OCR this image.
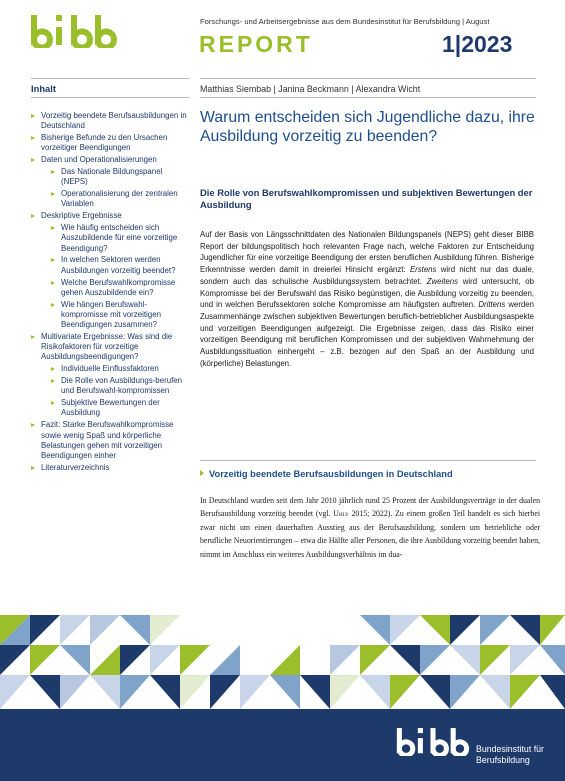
Forschungs- und Arbeitsergebnisse aus dem Bundesinstitut für Berufsbildung | August
REPORT	1|2023
Inhalt
Vorzeitig beendete Berufsausbildungen in Deutschland
Bisherige Befunde zu den Ursachen vorzeitiger Beendigungen
Daten und Operationalisierungen
Das Nationale Bildungspanel (NEPS)
Operationalisierung der zentralen Variablen
Deskriptive Ergebnisse
Wie häufig entscheiden sich Auszubildende für eine vorzeitige Beendigung?
In welchen Sektoren werden Ausbildungen vorzeitig beendet?
Welche Berufswahlkompromisse gehen Auszubildende ein?
Wie hängen Berufswahl-kompromisse mit vorzeitigen Beendigungen zusammen?
Multivariate Ergebnisse: Was sind die Risikofaktoren für vorzeitige Ausbildungsbeendigungen?
Individuelle Einflussfaktoren
Die Rolle von Ausbildungs-berufen und Berufswahl-kompromissen
Subjektive Bewertungen der Ausbildung
Fazit: Starke Berufswahlkompromisse sowie wenig Spaß und körperliche Belastungen gehen mit vorzeitigen Beendigungen einher
Literaturverzeichnis
Matthias Siembab | Janina Beckmann | Alexandra Wicht
Warum entscheiden sich Jugendliche dazu, ihre Ausbildung vorzeitig zu beenden?
Die Rolle von Berufswahlkompromissen und subjektiven Bewertungen der Ausbildung
Auf der Basis von Längsschnittdaten des Nationalen Bildungspanels (NEPS) geht dieser BIBB Report der bildungspolitisch hoch relevanten Frage nach, welche Faktoren zur Entscheidung Jugendlicher für eine vorzeitige Beendigung der ersten beruflichen Ausbildung führen. Bisherige Erkenntnisse werden damit in dreierlei Hinsicht ergänzt: Erstens wird nicht nur das duale, sondern auch das schulische Ausbildungssystem betrachtet. Zweitens wird untersucht, ob Kompromisse bei der Berufswahl das Risiko begünstigen, die Ausbildung vorzeitig zu beenden, und in welchen Berufssektoren solche Kompromisse am häufigsten auftreten. Drittens werden Zusammenhänge zwischen subjektiven Bewertungen beruflich-betrieblicher Ausbildungsaspekte und vorzeitigen Beendigungen aufgezeigt. Die Ergebnisse zeigen, dass das Risiko einer vorzeitigen Beendigung mit beruflichen Kompromissen und der subjektiven Wahrnehmung der Ausbildungssituation einhergeht – z.B. bezogen auf den Spaß an der Ausbildung und (körperliche) Belastungen.
Vorzeitig beendete Berufsausbildungen in Deutschland
In Deutschland wurden seit dem Jahr 2010 jährlich rund 25 Prozent der Ausbildungsverträge in der dualen Berufsausbildung vorzeitig beendet (vgl. Uhly 2015; 2022). Zu einem großen Teil handelt es sich hierbei zwar nicht um einen dauerhaften Ausstieg aus der Berufsausbildung, sondern um betriebliche oder berufliche Neuorientierungen – etwa die Hälfte aller Personen, die ihre Ausbildung vorzeitig beendet haben, nimmt im Anschluss ein weiteres Ausbildungsverhältnis im dua-
Bundesinstitut für
Berufsbildung
